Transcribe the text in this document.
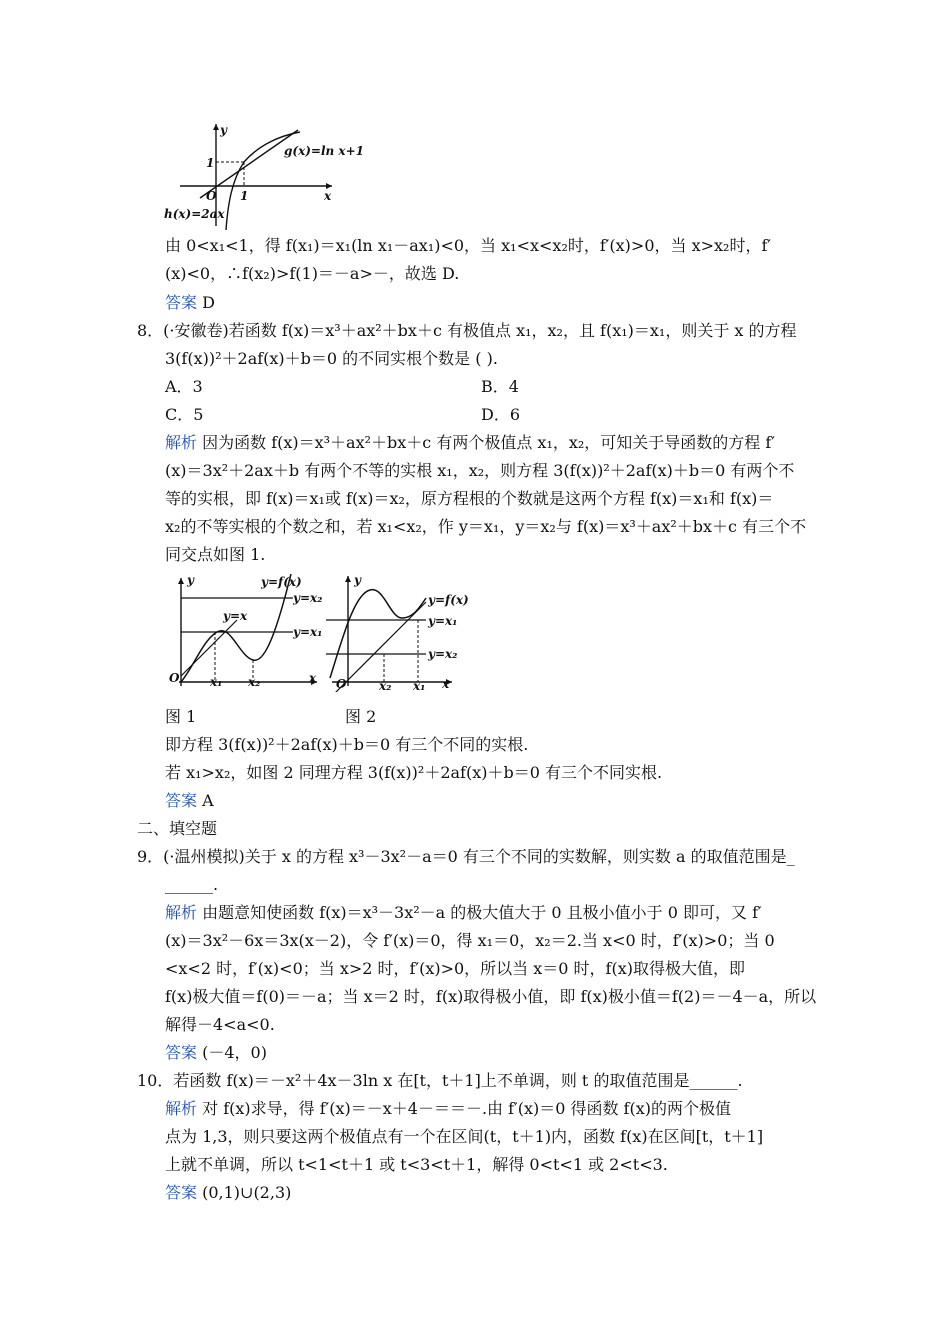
y
x
O
1
1
g(x)=ln x+1
h(x)=2ax
y
O	x
y=f(x)
y=x
y=x₂
y=x₁
x₁ x₂
y
O	x
y=f(x)
y=x₁
y=x₂
x₂ x₁
图 1	图 2
由 0<x₁<1，得 f(x₁)＝x₁(ln x₁－ax₁)<0，当 x₁<x<x₂时，f′(x)>0，当 x>x₂时，f′
(x)<0，∴f(x₂)>f(1)＝－a>－，故选 D.
答案 D
8．(·安徽卷)若函数 f(x)＝x³＋ax²＋bx＋c 有极值点 x₁，x₂，且 f(x₁)＝x₁，则关于 x 的方程
3(f(x))²＋2af(x)＋b＝0 的不同实根个数是 ( ).
A．3	B．4
C．5	D．6
解析 因为函数 f(x)＝x³＋ax²＋bx＋c 有两个极值点 x₁，x₂，可知关于导函数的方程 f′
(x)＝3x²＋2ax＋b 有两个不等的实根 x₁，x₂，则方程 3(f(x))²＋2af(x)＋b＝0 有两个不
等的实根，即 f(x)＝x₁或 f(x)＝x₂，原方程根的个数就是这两个方程 f(x)＝x₁和 f(x)＝
x₂的不等实根的个数之和，若 x₁<x₂，作 y＝x₁，y＝x₂与 f(x)＝x³＋ax²＋bx＋c 有三个不
同交点如图 1.
即方程 3(f(x))²＋2af(x)＋b＝0 有三个不同的实根.
若 x₁>x₂，如图 2 同理方程 3(f(x))²＋2af(x)＋b＝0 有三个不同实根.
答案 A
二、填空题
9．(·温州模拟)关于 x 的方程 x³－3x²－a＝0 有三个不同的实数解，则实数 a 的取值范围是_
______.
解析 由题意知使函数 f(x)＝x³－3x²－a 的极大值大于 0 且极小值小于 0 即可，又 f′
(x)＝3x²－6x＝3x(x－2)，令 f′(x)＝0，得 x₁＝0，x₂＝2.当 x<0 时，f′(x)>0；当 0
<x<2 时，f′(x)<0；当 x>2 时，f′(x)>0，所以当 x＝0 时，f(x)取得极大值，即
f(x)极大值＝f(0)＝－a；当 x＝2 时，f(x)取得极小值，即 f(x)极小值＝f(2)＝－4－a，所以
解得－4<a<0.
答案 (－4，0)
10．若函数 f(x)＝－x²＋4x－3ln x 在[t，t＋1]上不单调，则 t 的取值范围是______.
解析 对 f(x)求导，得 f′(x)＝－x＋4－＝＝－.由 f′(x)＝0 得函数 f(x)的两个极值
点为 1,3，则只要这两个极值点有一个在区间(t，t＋1)内，函数 f(x)在区间[t，t＋1]
上就不单调，所以 t<1<t＋1 或 t<3<t＋1，解得 0<t<1 或 2<t<3.
答案 (0,1)∪(2,3)
